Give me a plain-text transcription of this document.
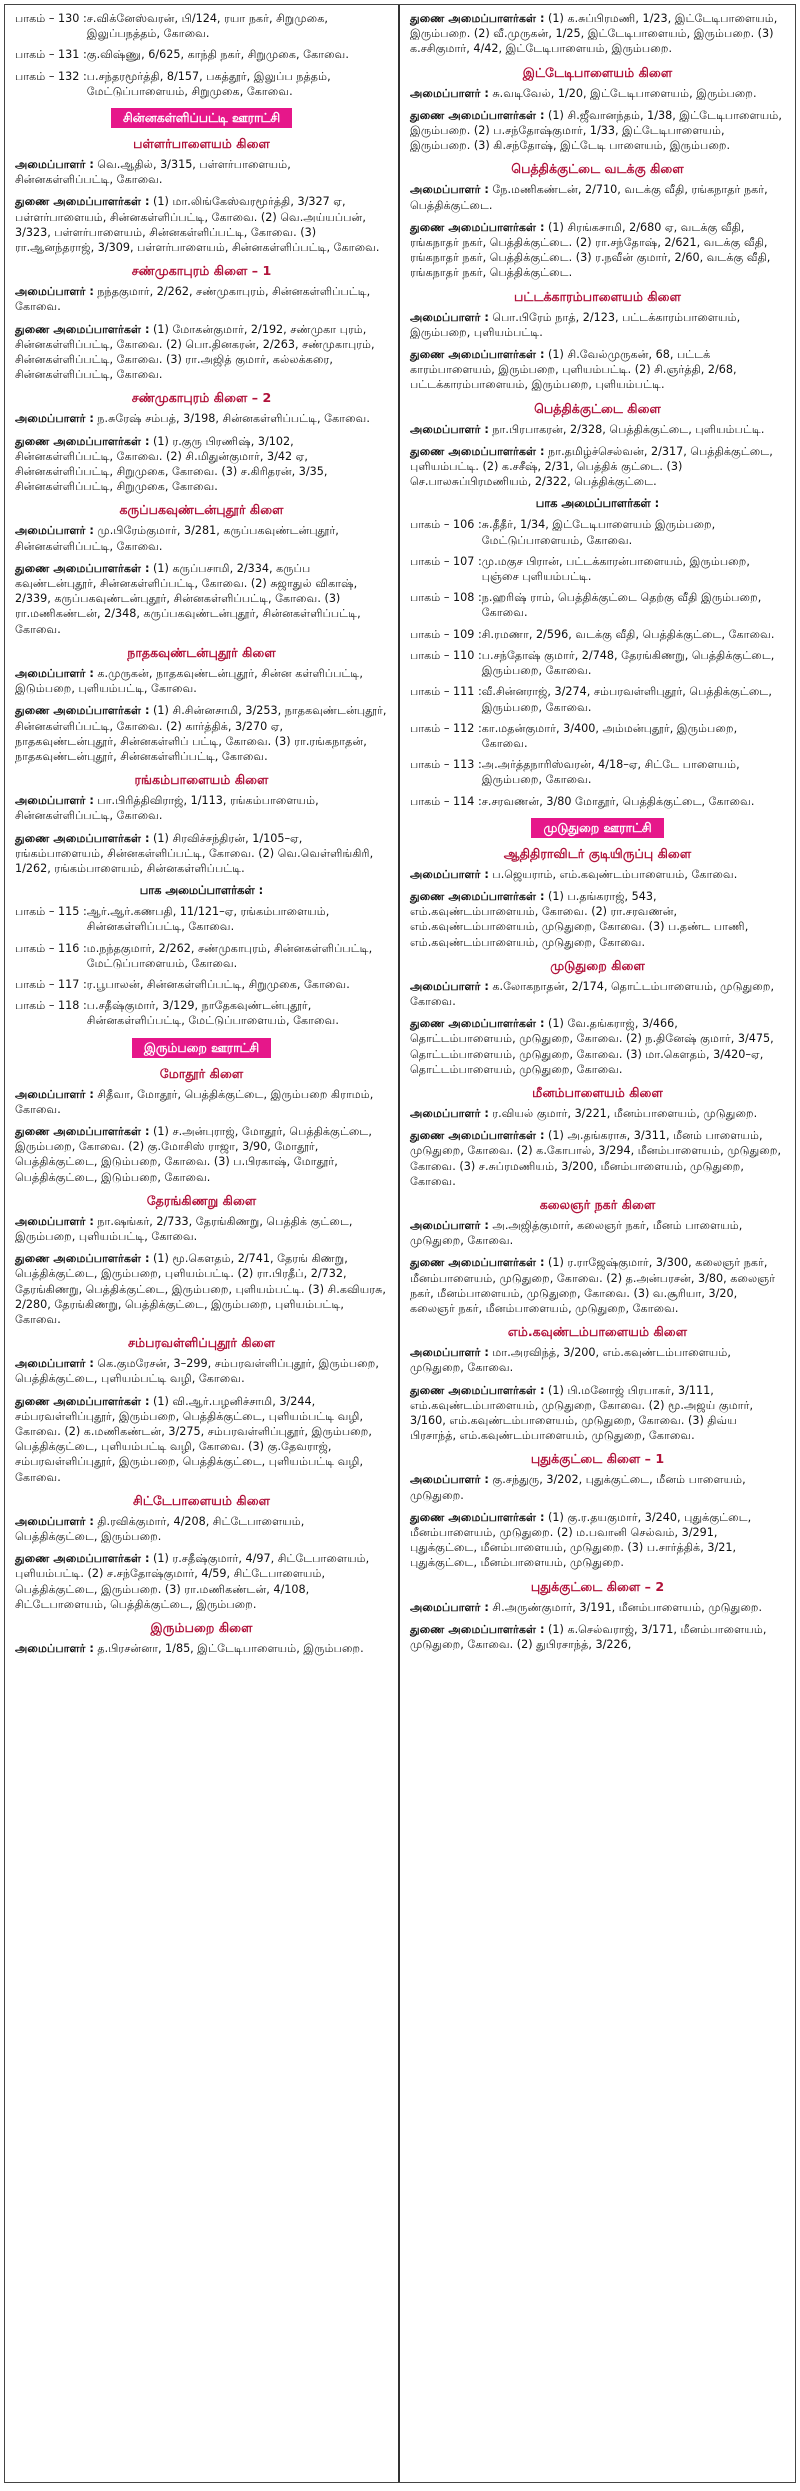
பாகம் – 130 : ச.விக்னேஸ்வரன், பி/124, ரயா நகர், சிறுமுகை, இலுப்பநத்தம், கோவை.
பாகம் – 131 : கு.விஷ்ணு, 6/625, காந்தி நகர், சிறுமுகை, கோவை.
பாகம் – 132 : ப.சந்தரமூர்த்தி, 8/157, பகத்தூர், இலுப்ப நத்தம், மேட்டுப்பாளையம், சிறுமுகை, கோவை.
சின்னகள்ளிப்பட்டி ஊராட்சி
பள்ளர்பாளையம் கிளை
அமைப்பாளர் : வெ.ஆதில், 3/315, பள்ளர்பாளையம், சின்னகள்ளிப்பட்டி, கோவை.
துணை அமைப்பாளர்கள் : (1) மா.லிங்கேஸ்வரமூர்த்தி, 3/327 ஏ, பள்ளர்பாளையம், சின்னகள்ளிப்பட்டி, கோவை. (2) வெ.அய்யப்பன், 3/323, பள்ளர்பாளையம், சின்னகள்ளிப்பட்டி, கோவை. (3) ரா.ஆனந்தராஜ், 3/309, பள்ளர்பாளையம், சின்னகள்ளிப்பட்டி, கோவை.
சண்முகாபுரம் கிளை – 1
அமைப்பாளர் : நந்தகுமார், 2/262, சண்முகாபுரம், சின்னகள்ளிப்பட்டி, கோவை.
துணை அமைப்பாளர்கள் : (1) மோகன்குமார், 2/192, சண்முகா புரம், சின்னகள்ளிப்பட்டி, கோவை. (2) பொ.தினகரன், 2/263, சண்முகாபுரம், சின்னகள்ளிப்பட்டி, கோவை. (3) ரா.அஜித் குமார், கல்லக்கரை, சின்னகள்ளிப்பட்டி, கோவை.
சண்முகாபுரம் கிளை – 2
அமைப்பாளர் : ந.சுரேஷ் சம்பத், 3/198, சின்னகள்ளிப்பட்டி, கோவை.
துணை அமைப்பாளர்கள் : (1) ர.குரு பிரணிஷ், 3/102, சின்னகள்ளிப்பட்டி, கோவை. (2) சி.மிதுன்குமார், 3/42 ஏ, சின்னகள்ளிப்பட்டி, சிறுமுகை, கோவை. (3) ச.கிரிதரன், 3/35, சின்னகள்ளிப்பட்டி, சிறுமுகை, கோவை.
கருப்பகவுண்டன்புதூர் கிளை
அமைப்பாளர் : மு.பிரேம்குமார், 3/281, கருப்பகவுண்டன்புதூர், சின்னகள்ளிப்பட்டி, கோவை.
துணை அமைப்பாளர்கள் : (1) கருப்பசாமி, 2/334, கருப்ப கவுண்டன்புதூர், சின்னகள்ளிப்பட்டி, கோவை. (2) சுஜாதுல் விகாஷ், 2/339, கருப்பகவுண்டன்புதூர், சின்னகள்ளிப்பட்டி, கோவை. (3) ரா.மணிகண்டன், 2/348, கருப்பகவுண்டன்புதூர், சின்னகள்ளிப்பட்டி, கோவை.
நாதகவுண்டன்புதூர் கிளை
அமைப்பாளர் : க.முருகன், நாதகவுண்டன்புதூர், சின்ன கள்ளிப்பட்டி, இடும்பறை, புளியம்பட்டி, கோவை.
துணை அமைப்பாளர்கள் : (1) சி.சின்னசாமி, 3/253, நாதகவுண்டன்புதூர், சின்னகள்ளிப்பட்டி, கோவை. (2) கார்த்திக், 3/270 ஏ, நாதகவுண்டன்புதூர், சின்னகள்ளிப் பட்டி, கோவை. (3) ரா.ரங்கநாதன், நாதகவுண்டன்புதூர், சின்னகள்ளிப்பட்டி, கோவை.
ரங்கம்பாளையம் கிளை
அமைப்பாளர் : பா.பிரித்திவிராஜ், 1/113, ரங்கம்பாளையம், சின்னகள்ளிப்பட்டி, கோவை.
துணை அமைப்பாளர்கள் : (1) சிரவிச்சந்திரன், 1/105–ஏ, ரங்கம்பாளையம், சின்னகள்ளிப்பட்டி, கோவை. (2) வெ.வெள்ளிங்கிரி, 1/262, ரங்கம்பாளையம், சின்னகள்ளிப்பட்டி.
பாக அமைப்பாளர்கள் :
பாகம் – 115 : ஆர்.ஆர்.கணபதி, 11/121–ஏ, ரங்கம்பாளையம், சின்னகள்ளிப்பட்டி, கோவை.
பாகம் – 116 : ம.நந்தகுமார், 2/262, சண்முகாபுரம், சின்னகள்ளிப்பட்டி, மேட்டுப்பாளையம், கோவை.
பாகம் – 117 : ர.பூபாலன், சின்னகள்ளிப்பட்டி, சிறுமுகை, கோவை.
பாகம் – 118 : ப.சதீஷ்குமார், 3/129, நாதேகவுண்டன்புதூர், சின்னகள்ளிப்பட்டி, மேட்டுப்பாளையம், கோவை.
இரும்பறை ஊராட்சி
மோதூர் கிளை
அமைப்பாளர் : சிதீவா, மோதூர், பெத்திக்குட்டை, இரும்பறை கிராமம், கோவை.
துணை அமைப்பாளர்கள் : (1) ச.அன்புராஜ், மோதூர், பெத்திக்குட்டை, இரும்பறை, கோவை. (2) கு.மோசிஸ் ராஜா, 3/90, மோதூர், பெத்திக்குட்டை, இடும்பறை, கோவை. (3) ப.பிரகாஷ், மோதூர், பெத்திக்குட்டை, இடும்பறை, கோவை.
தேரங்கிணறு கிளை
அமைப்பாளர் : நா.ஷங்கர், 2/733, தேரங்கிணறு, பெத்திக் குட்டை, இரும்பறை, புளியம்பட்டி, கோவை.
துணை அமைப்பாளர்கள் : (1) மூ.கௌதம், 2/741, தேரங் கிணறு, பெத்திக்குட்டை, இரும்பறை, புளியம்பட்டி. (2) ரா.பிரதீப், 2/732, தேரங்கிணறு, பெத்திக்குட்டை, இரும்பறை, புளியம்பட்டி. (3) சி.கவியரசு, 2/280, தேரங்கிணறு, பெத்திக்குட்டை, இரும்பறை, புளியம்பட்டி, கோவை.
சம்பரவள்ளிப்புதூர் கிளை
அமைப்பாளர் : கெ.குமரேசன், 3–299, சம்பரவள்ளிப்புதூர், இரும்பறை, பெத்திக்குட்டை, புளியம்பட்டி வழி, கோவை.
துணை அமைப்பாளர்கள் : (1) வி.ஆர்.பழனிச்சாமி, 3/244, சம்பரவள்ளிப்புதூர், இரும்பறை, பெத்திக்குட்டை, புளியம்பட்டி வழி, கோவை. (2) க.மணிகண்டன், 3/275, சம்பரவள்ளிப்புதூர், இரும்பறை, பெத்திக்குட்டை, புளியம்பட்டி வழி, கோவை. (3) கு.தேவராஜ், சம்பரவள்ளிப்புதூர், இரும்பறை, பெத்திக்குட்டை, புளியம்பட்டி வழி, கோவை.
சிட்டேபாளையம் கிளை
அமைப்பாளர் : தி.ரவிக்குமார், 4/208, சிட்டேபாளையம், பெத்திக்குட்டை, இரும்பறை.
துணை அமைப்பாளர்கள் : (1) ர.சதீஷ்குமார், 4/97, சிட்டேபாளையம், புளியம்பட்டி. (2) ச.சந்தோஷ்குமார், 4/59, சிட்டேபாளையம், பெத்திக்குட்டை, இரும்பறை. (3) ரா.மணிகண்டன், 4/108, சிட்டேபாளையம், பெத்திக்குட்டை, இரும்பறை.
இரும்பறை கிளை
அமைப்பாளர் : த.பிரசன்னா, 1/85, இட்டேடிபாளையம், இரும்பறை.
துணை அமைப்பாளர்கள் : (1) க.சுப்பிரமணி, 1/23, இட்டேடிபாளையம், இரும்பறை. (2) வீ.முருகன், 1/25, இட்டேடிபாளையம், இரும்பறை. (3) க.சசிகுமார், 4/42, இட்டேடிபாளையம், இரும்பறை.
இட்டேடிபாளையம் கிளை
அமைப்பாளர் : சு.வடிவேல், 1/20, இட்டேடிபாளையம், இரும்பறை.
துணை அமைப்பாளர்கள் : (1) சி.ஜீவானந்தம், 1/38, இட்டேடிபாளையம், இரும்பறை. (2) ப.சந்தோஷ்குமார், 1/33, இட்டேடிபாளையம், இரும்பறை. (3) கி.சந்தோஷ், இட்டேடி பாளையம், இரும்பறை.
பெத்திக்குட்டை வடக்கு கிளை
அமைப்பாளர் : நே.மணிகண்டன், 2/710, வடக்கு வீதி, ரங்கநாதர் நகர், பெத்திக்குட்டை.
துணை அமைப்பாளர்கள் : (1) சிரங்கசாமி, 2/680 ஏ, வடக்கு வீதி, ரங்கநாதர் நகர், பெத்திக்குட்டை. (2) ரா.சந்தோஷ், 2/621, வடக்கு வீதி, ரங்கநாதர் நகர், பெத்திக்குட்டை. (3) ர.நவீன் குமார், 2/60, வடக்கு வீதி, ரங்கநாதர் நகர், பெத்திக்குட்டை.
பட்டக்காரம்பாளையம் கிளை
அமைப்பாளர் : பொ.பிரேம் நாத், 2/123, பட்டக்காரம்பாளையம், இரும்பறை, புளியம்பட்டி.
துணை அமைப்பாளர்கள் : (1) சி.வேல்முருகன், 68, பட்டக் காரம்பாளையம், இரும்பறை, புளியம்பட்டி. (2) சி.ஞர்த்தி, 2/68, பட்டக்காரம்பாளையம், இரும்பறை, புளியம்பட்டி.
பெத்திக்குட்டை கிளை
அமைப்பாளர் : நா.பிரபாகரன், 2/328, பெத்திக்குட்டை, புளியம்பட்டி.
துணை அமைப்பாளர்கள் : நா.தமிழ்ச்செல்வன், 2/317, பெத்திக்குட்டை, புளியம்பட்டி. (2) க.சசீஷ், 2/31, பெத்திக் குட்டை. (3) செ.பாலசுப்பிரமணியம், 2/322, பெத்திக்குட்டை.
பாக அமைப்பாளர்கள் :
பாகம் – 106 : சு.தீதீர், 1/34, இட்டேடிபாளையம் இரும்பறை, மேட்டுப்பாளையம், கோவை.
பாகம் – 107 : மு.மகுச பிரான், பட்டக்காரன்பாளையம், இரும்பறை, புஞ்சை புளியம்பட்டி.
பாகம் – 108 : ந.ஹரிஷ் ராம், பெத்திக்குட்டை தெற்கு வீதி இரும்பறை, கோவை.
பாகம் – 109 : சி.ரமணா, 2/596, வடக்கு வீதி, பெத்திக்குட்டை, கோவை.
பாகம் – 110 : ப.சந்தோஷ் குமார், 2/748, தேரங்கிணறு, பெத்திக்குட்டை, இரும்பறை, கோவை.
பாகம் – 111 : வீ.சின்னராஜ், 3/274, சம்பரவள்ளிபுதூர், பெத்திக்குட்டை, இரும்பறை, கோவை.
பாகம் – 112 : கா.மதன்குமார், 3/400, அம்மன்புதூர், இரும்பறை, கோவை.
பாகம் – 113 : அ.அர்த்தநாரிஸ்வரன், 4/18–ஏ, சிட்டே பாளையம், இரும்பறை, கோவை.
பாகம் – 114 : ச.சரவணன், 3/80 மோதூர், பெத்திக்குட்டை, கோவை.
முடுதுறை ஊராட்சி
ஆதிதிராவிடர் குடியிருப்பு கிளை
அமைப்பாளர் : ப.ஜெயராம், எம்.கவுண்டம்பாளையம், கோவை.
துணை அமைப்பாளர்கள் : (1) ப.தங்கராஜ், 543, எம்.கவுண்டம்பாளையம், கோவை. (2) ரா.சரவணன், எம்.கவுண்டம்பாளையம், முடுதுறை, கோவை. (3) ப.தண்ட பாணி, எம்.கவுண்டம்பாளையம், முடுதுறை, கோவை.
முடுதுறை கிளை
அமைப்பாளர் : க.லோகநாதன், 2/174, தொட்டம்பாளையம், முடுதுறை, கோவை.
துணை அமைப்பாளர்கள் : (1) வே.தங்கராஜ், 3/466, தொட்டம்பாளையம், முடுதுறை, கோவை. (2) ந.தினேஷ் குமார், 3/475, தொட்டம்பாளையம், முடுதுறை, கோவை. (3) மா.கௌதம், 3/420–ஏ, தொட்டம்பாளையம், முடுதுறை, கோவை.
மீனம்பாளையம் கிளை
அமைப்பாளர் : ர.வியல் குமார், 3/221, மீனம்பாளையம், முடுதுறை.
துணை அமைப்பாளர்கள் : (1) அ.தங்கராசு, 3/311, மீனம் பாளையம், முடுதுறை, கோவை. (2) க.கோபால், 3/294, மீனம்பாளையம், முடுதுறை, கோவை. (3) ச.சுப்ரமணியம், 3/200, மீனம்பாளையம், முடுதுறை, கோவை.
கலைஞர் நகர் கிளை
அமைப்பாளர் : அ.அஜித்குமார், கலைஞர் நகர், மீனம் பாளையம், முடுதுறை, கோவை.
துணை அமைப்பாளர்கள் : (1) ர.ராஜேஷ்குமார், 3/300, கலைஞர் நகர், மீனம்பாளையம், முடுதுறை, கோவை. (2) த.அன்பரசன், 3/80, கலைஞர் நகர், மீனம்பாளையம், முடுதுறை, கோவை. (3) வ.சூரியா, 3/20, கலைஞர் நகர், மீனம்பாளையம், முடுதுறை, கோவை.
எம்.கவுண்டம்பாளையம் கிளை
அமைப்பாளர் : மா.அரவிந்த், 3/200, எம்.கவுண்டம்பாளையம், முடுதுறை, கோவை.
துணை அமைப்பாளர்கள் : (1) பி.மனோஜ் பிரபாகர், 3/111, எம்.கவுண்டம்பாளையம், முடுதுறை, கோவை. (2) மூ.அஜய் குமார், 3/160, எம்.கவுண்டம்பாளையம், முடுதுறை, கோவை. (3) திவ்ய பிரசாந்த், எம்.கவுண்டம்பாளையம், முடுதுறை, கோவை.
புதுக்குட்டை கிளை – 1
அமைப்பாளர் : கு.சந்துரு, 3/202, புதுக்குட்டை, மீனம் பாளையம், முடுதுறை.
துணை அமைப்பாளர்கள் : (1) கு.ர.தயகுமார், 3/240, புதுக்குட்டை, மீனம்பாளையம், முடுதுறை. (2) ம.பவானி செல்வம், 3/291, புதுக்குட்டை, மீனம்பாளையம், முடுதுறை. (3) ப.சார்த்திக், 3/21, புதுக்குட்டை, மீனம்பாளையம், முடுதுறை.
புதுக்குட்டை கிளை – 2
அமைப்பாளர் : சி.அருண்குமார், 3/191, மீனம்பாளையம், முடுதுறை.
துணை அமைப்பாளர்கள் : (1) க.செல்வராஜ், 3/171, மீனம்பாளையம், முடுதுறை, கோவை. (2) துபிரசாந்த், 3/226,
